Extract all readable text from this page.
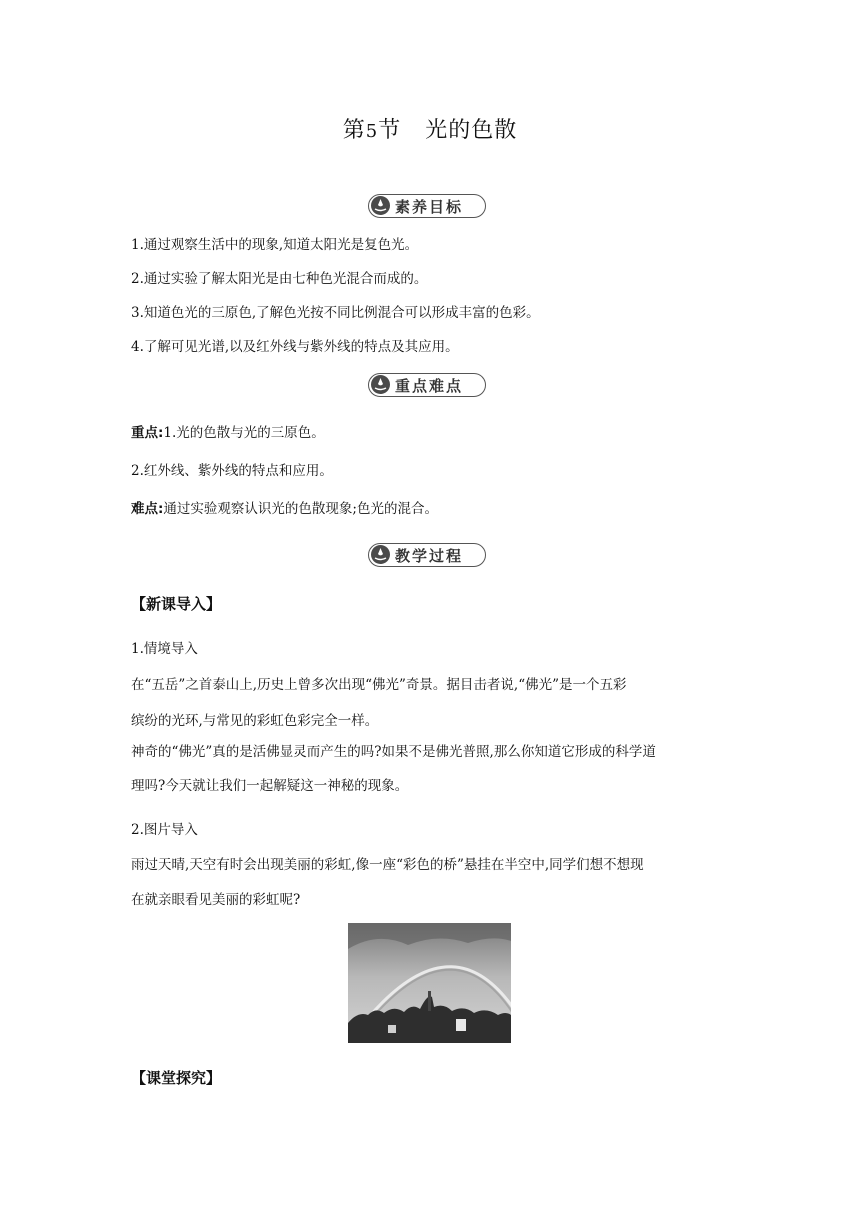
第5节 光的色散
素养目标
1.通过观察生活中的现象,知道太阳光是复色光。
2.通过实验了解太阳光是由七种色光混合而成的。
3.知道色光的三原色,了解色光按不同比例混合可以形成丰富的色彩。
4.了解可见光谱,以及红外线与紫外线的特点及其应用。
重点难点
重点:1.光的色散与光的三原色。
2.红外线、紫外线的特点和应用。
难点:通过实验观察认识光的色散现象;色光的混合。
教学过程
【新课导入】
1.情境导入
在“五岳”之首泰山上,历史上曾多次出现“佛光”奇景。据目击者说,“佛光”是一个五彩
缤纷的光环,与常见的彩虹色彩完全一样。
神奇的“佛光”真的是活佛显灵而产生的吗?如果不是佛光普照,那么你知道它形成的科学道
理吗?今天就让我们一起解疑这一神秘的现象。
2.图片导入
雨过天晴,天空有时会出现美丽的彩虹,像一座“彩色的桥”悬挂在半空中,同学们想不想现
在就亲眼看见美丽的彩虹呢?
【课堂探究】
